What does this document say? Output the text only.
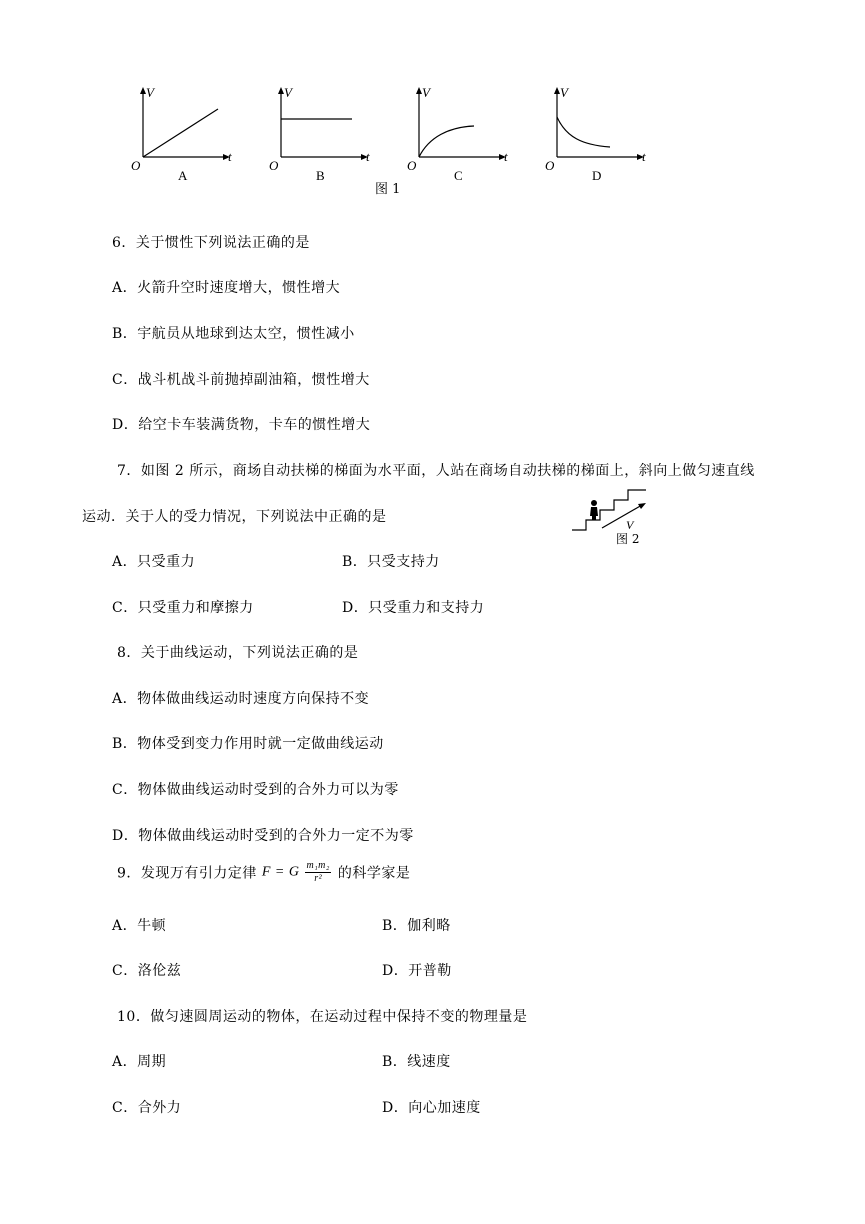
V
t
O
A
V
t
O
B
V
t
O
C
V
t
O
D
图 1
6．关于惯性下列说法正确的是
A．火箭升空时速度增大，惯性增大
B．宇航员从地球到达太空，惯性减小
C．战斗机战斗前抛掉副油箱，惯性增大
D．给空卡车装满货物，卡车的惯性增大
7．如图 2 所示，商场自动扶梯的梯面为水平面，人站在商场自动扶梯的梯面上，斜向上做匀速直线
运动．关于人的受力情况，下列说法中正确的是	V
图 2
A．只受重力	B．只受支持力
C．只受重力和摩擦力	D．只受重力和支持力
8．关于曲线运动，下列说法正确的是
A．物体做曲线运动时速度方向保持不变
B．物体受到变力作用时就一定做曲线运动
C．物体做曲线运动时受到的合外力可以为零
D．物体做曲线运动时受到的合外力一定不为零
9．发现万有引力定律 F = G $\frac{\text{m₁m₂}}{\text{r²}}$ 的科学家是
A．牛顿	B．伽利略
C．洛伦兹	D．开普勒
10．做匀速圆周运动的物体，在运动过程中保持不变的物理量是
A．周期	B．线速度
C．合外力	D．向心加速度
